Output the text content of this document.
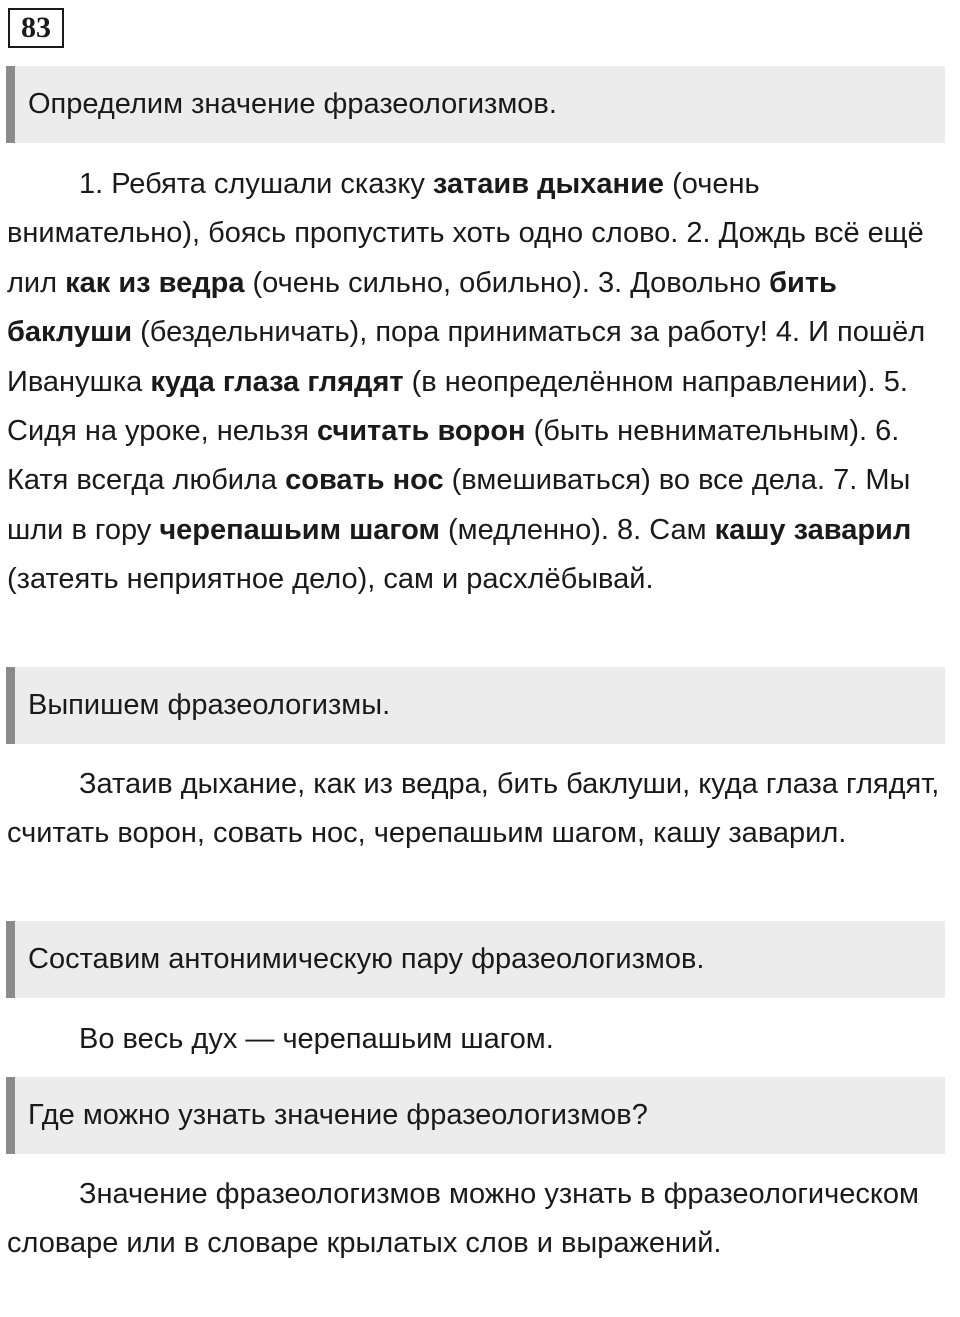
83
Определим значение фразеологизмов.

1. Ребята слушали сказку затаив дыхание (очень внимательно), боясь пропустить хоть одно слово. 2. Дождь всё ещё лил как из ведра (очень сильно, обильно). 3. Довольно бить баклуши (бездельничать), пора приниматься за работу! 4. И пошёл Иванушка куда глаза глядят (в неопределённом направлении). 5. Сидя на уроке, нельзя считать ворон (быть невнимательным). 6. Катя всегда любила совать нос (вмешиваться) во все дела. 7. Мы шли в гору черепашьим шагом (медленно). 8. Сам кашу заварил (затеять неприятное дело), сам и расхлёбывай.

Выпишем фразеологизмы.

Затаив дыхание, как из ведра, бить баклуши, куда глаза глядят, считать ворон, совать нос, черепашьим шагом, кашу заварил.

Составим антонимическую пару фразеологизмов.

Во весь дух — черепашьим шагом.

Где можно узнать значение фразеологизмов?

Значение фразеологизмов можно узнать в фразеологическом словаре или в словаре крылатых слов и выражений.
